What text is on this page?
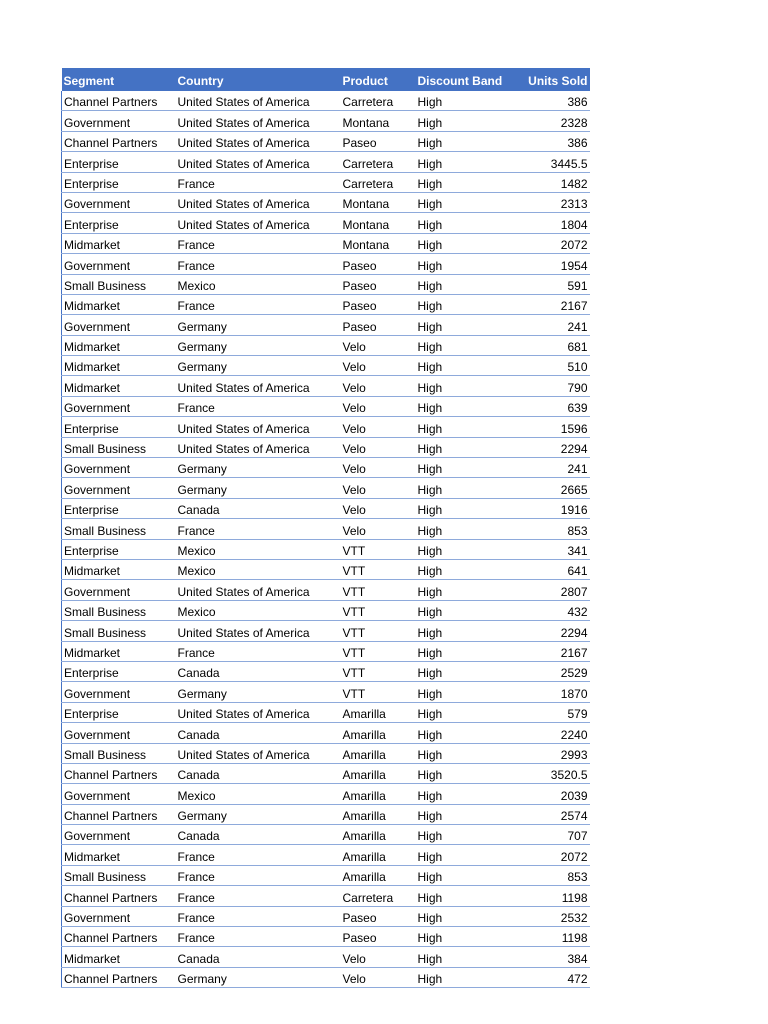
Segment	Country	Product	Discount Band	Units Sold
Channel Partners	United States of America	Carretera	High	386
Government	United States of America	Montana	High	2328
Channel Partners	United States of America	Paseo	High	386
Enterprise	United States of America	Carretera	High	3445.5
Enterprise	France	Carretera	High	1482
Government	United States of America	Montana	High	2313
Enterprise	United States of America	Montana	High	1804
Midmarket	France	Montana	High	2072
Government	France	Paseo	High	1954
Small Business	Mexico	Paseo	High	591
Midmarket	France	Paseo	High	2167
Government	Germany	Paseo	High	241
Midmarket	Germany	Velo	High	681
Midmarket	Germany	Velo	High	510
Midmarket	United States of America	Velo	High	790
Government	France	Velo	High	639
Enterprise	United States of America	Velo	High	1596
Small Business	United States of America	Velo	High	2294
Government	Germany	Velo	High	241
Government	Germany	Velo	High	2665
Enterprise	Canada	Velo	High	1916
Small Business	France	Velo	High	853
Enterprise	Mexico	VTT	High	341
Midmarket	Mexico	VTT	High	641
Government	United States of America	VTT	High	2807
Small Business	Mexico	VTT	High	432
Small Business	United States of America	VTT	High	2294
Midmarket	France	VTT	High	2167
Enterprise	Canada	VTT	High	2529
Government	Germany	VTT	High	1870
Enterprise	United States of America	Amarilla	High	579
Government	Canada	Amarilla	High	2240
Small Business	United States of America	Amarilla	High	2993
Channel Partners	Canada	Amarilla	High	3520.5
Government	Mexico	Amarilla	High	2039
Channel Partners	Germany	Amarilla	High	2574
Government	Canada	Amarilla	High	707
Midmarket	France	Amarilla	High	2072
Small Business	France	Amarilla	High	853
Channel Partners	France	Carretera	High	1198
Government	France	Paseo	High	2532
Channel Partners	France	Paseo	High	1198
Midmarket	Canada	Velo	High	384
Channel Partners	Germany	Velo	High	472
